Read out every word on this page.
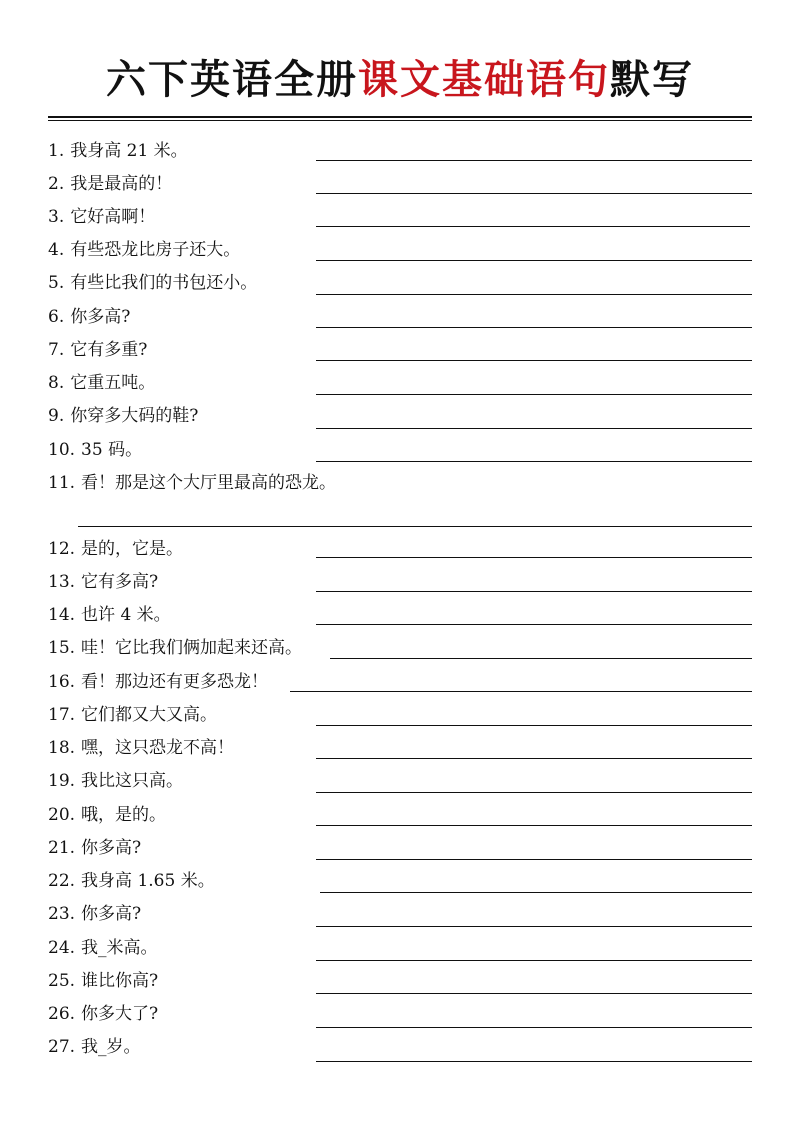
六下英语全册课文基础语句默写
1. 我身高 21 米。
2. 我是最高的！
3. 它好高啊！
4. 有些恐龙比房子还大。
5. 有些比我们的书包还小。
6. 你多高?
7. 它有多重?
8. 它重五吨。
9. 你穿多大码的鞋?
10. 35 码。
11. 看！那是这个大厅里最高的恐龙。
12. 是的，它是。
13. 它有多高?
14. 也许 4 米。
15. 哇！它比我们俩加起来还高。
16. 看！那边还有更多恐龙！
17. 它们都又大又高。
18. 嘿，这只恐龙不高！
19. 我比这只高。
20. 哦，是的。
21. 你多高?
22. 我身高 1.65 米。
23. 你多高?
24. 我_米高。
25. 谁比你高?
26. 你多大了?
27. 我_岁。
